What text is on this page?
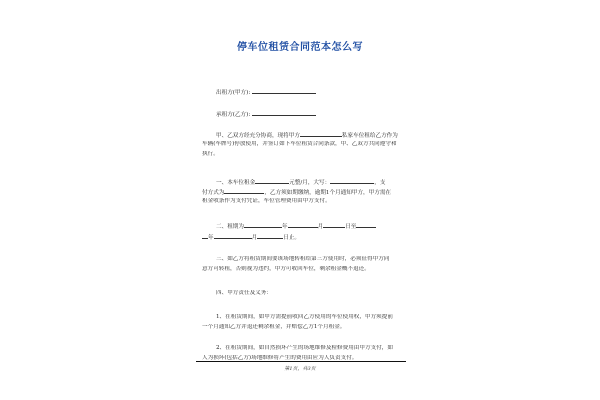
停车位租赁合同范本怎么写
出租方(甲方):
承租方(乙方):
甲、乙双方经充分协商，现将甲方	私家车位租给乙方作为
车辆(车牌号)停放使用，并签订如下车位租赁合同条款，甲、乙双方共同遵守和
执行。
一、本车位租金	元整/月，大写：	，支
付方式为	，乙方须如期缴纳，逾期1个月通知甲方，甲方需在
租金收条作为支付凭证，车位管理费用由甲方支付。
二、租期为	年	月	日至
年	月	日止。
三、如乙方将租赁期间要该场地转租给第三方使用时，必须征得甲方同
意方可转租，否则视为违约，甲方可收回车位，剩余租金概不退还。
四、甲方责任及义务：
1、在租赁期间，如甲方需提前收回乙方使用的车位使用权，甲方须提前
一个月通知乙方并退还剩余租金，并赔偿乙方1个月租金。
2、在租赁期间，如自然损坏产生的场地维修及检修费用由甲方支付，如
人为损坏(包括乙方)场地维修将产生的费用由应为人负责支付。
第1页，共3页
